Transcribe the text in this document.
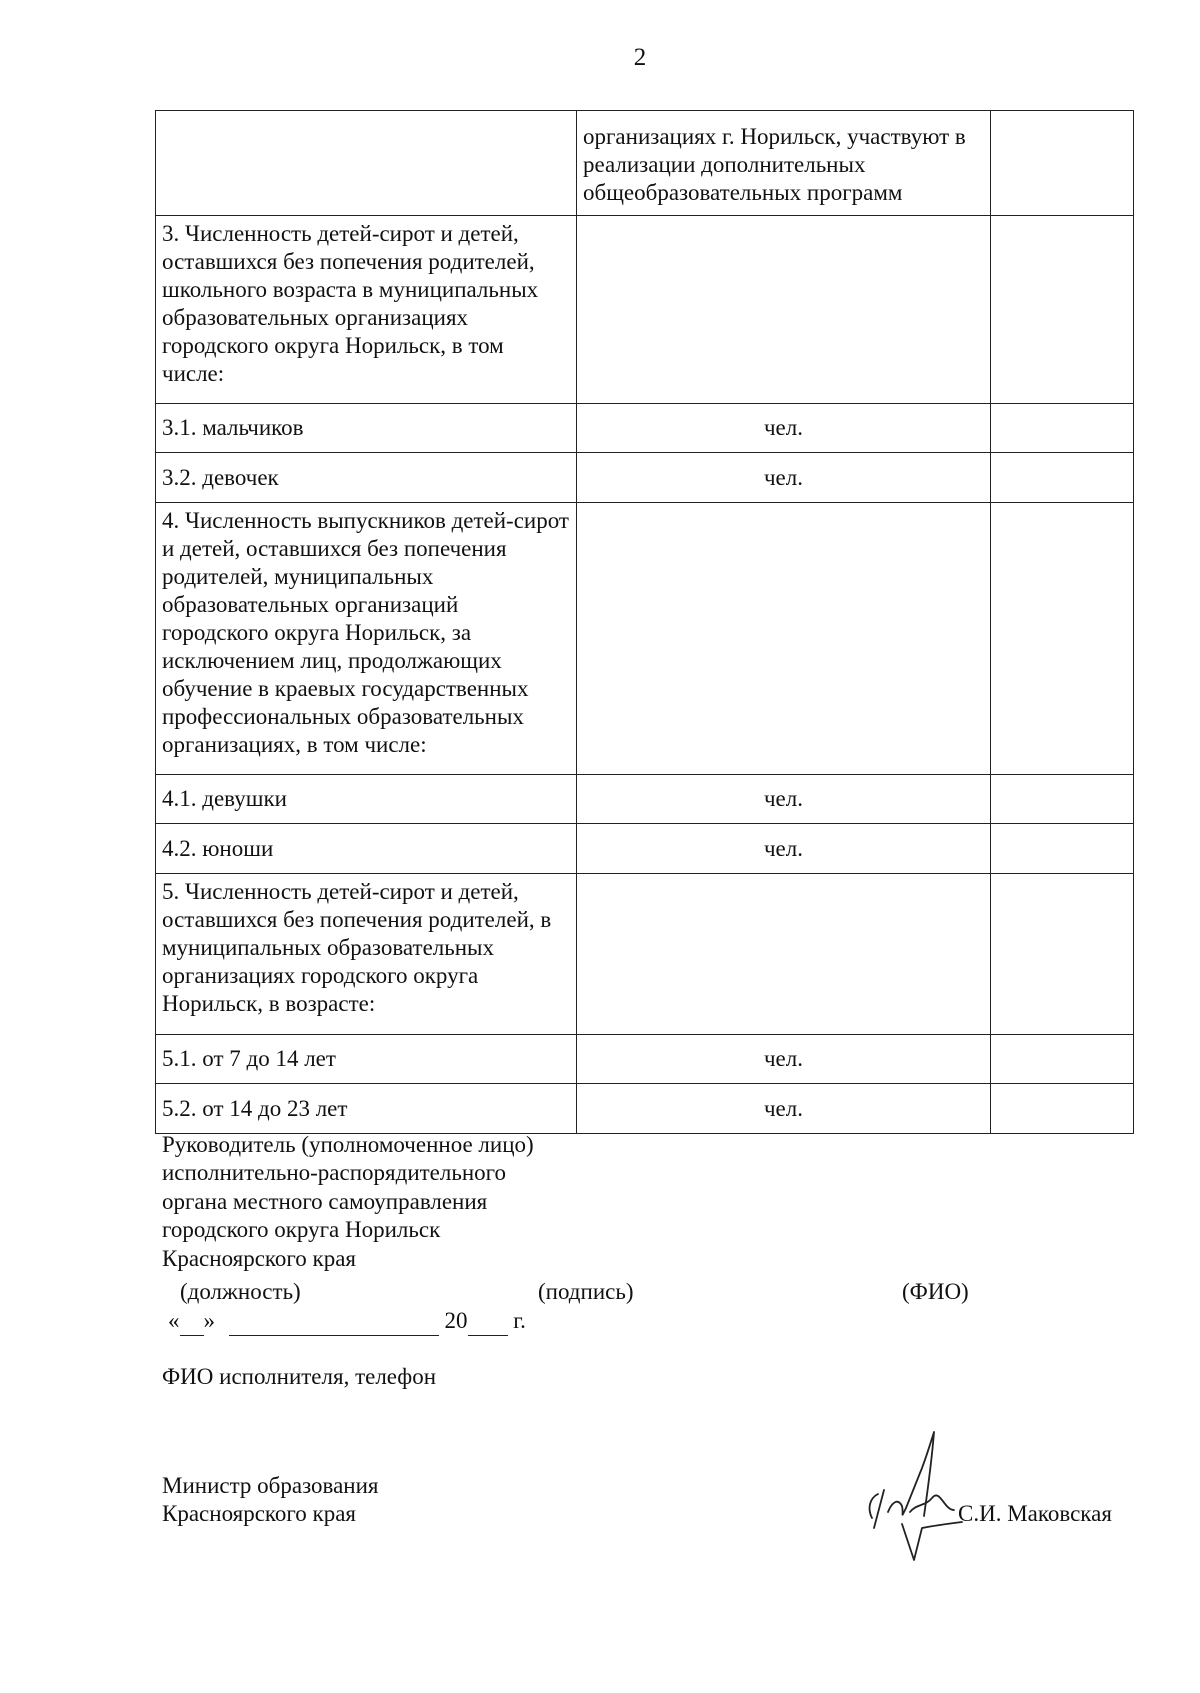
2
	организациях г. Норильск, участвуют в реализации дополнительных общеобразовательных программ	
3. Численность детей-сирот и детей, оставшихся без попечения родителей, школьного возраста в муниципальных образовательных организациях городского округа Норильск, в том числе:		
3.1. мальчиков	чел.	
3.2. девочек	чел.	
4. Численность выпускников детей-сирот и детей, оставшихся без попечения родителей, муниципальных образовательных организаций городского округа Норильск, за исключением лиц, продолжающих обучение в краевых государственных профессиональных образовательных организациях, в том числе:		
4.1. девушки	чел.	
4.2. юноши	чел.	
5. Численность детей-сирот и детей, оставшихся без попечения родителей, в муниципальных образовательных организациях городского округа Норильск, в возрасте:		
5.1. от 7 до 14 лет	чел.	
5.2. от 14 до 23 лет	чел.	
Руководитель (уполномоченное лицо)
исполнительно-распорядительного
органа местного самоуправления
городского округа Норильск
Красноярского края
(должность)	(подпись)	(ФИО)
« »	20 г.
ФИО исполнителя, телефон
Министр образования
Красноярского края	С.И. Маковская
